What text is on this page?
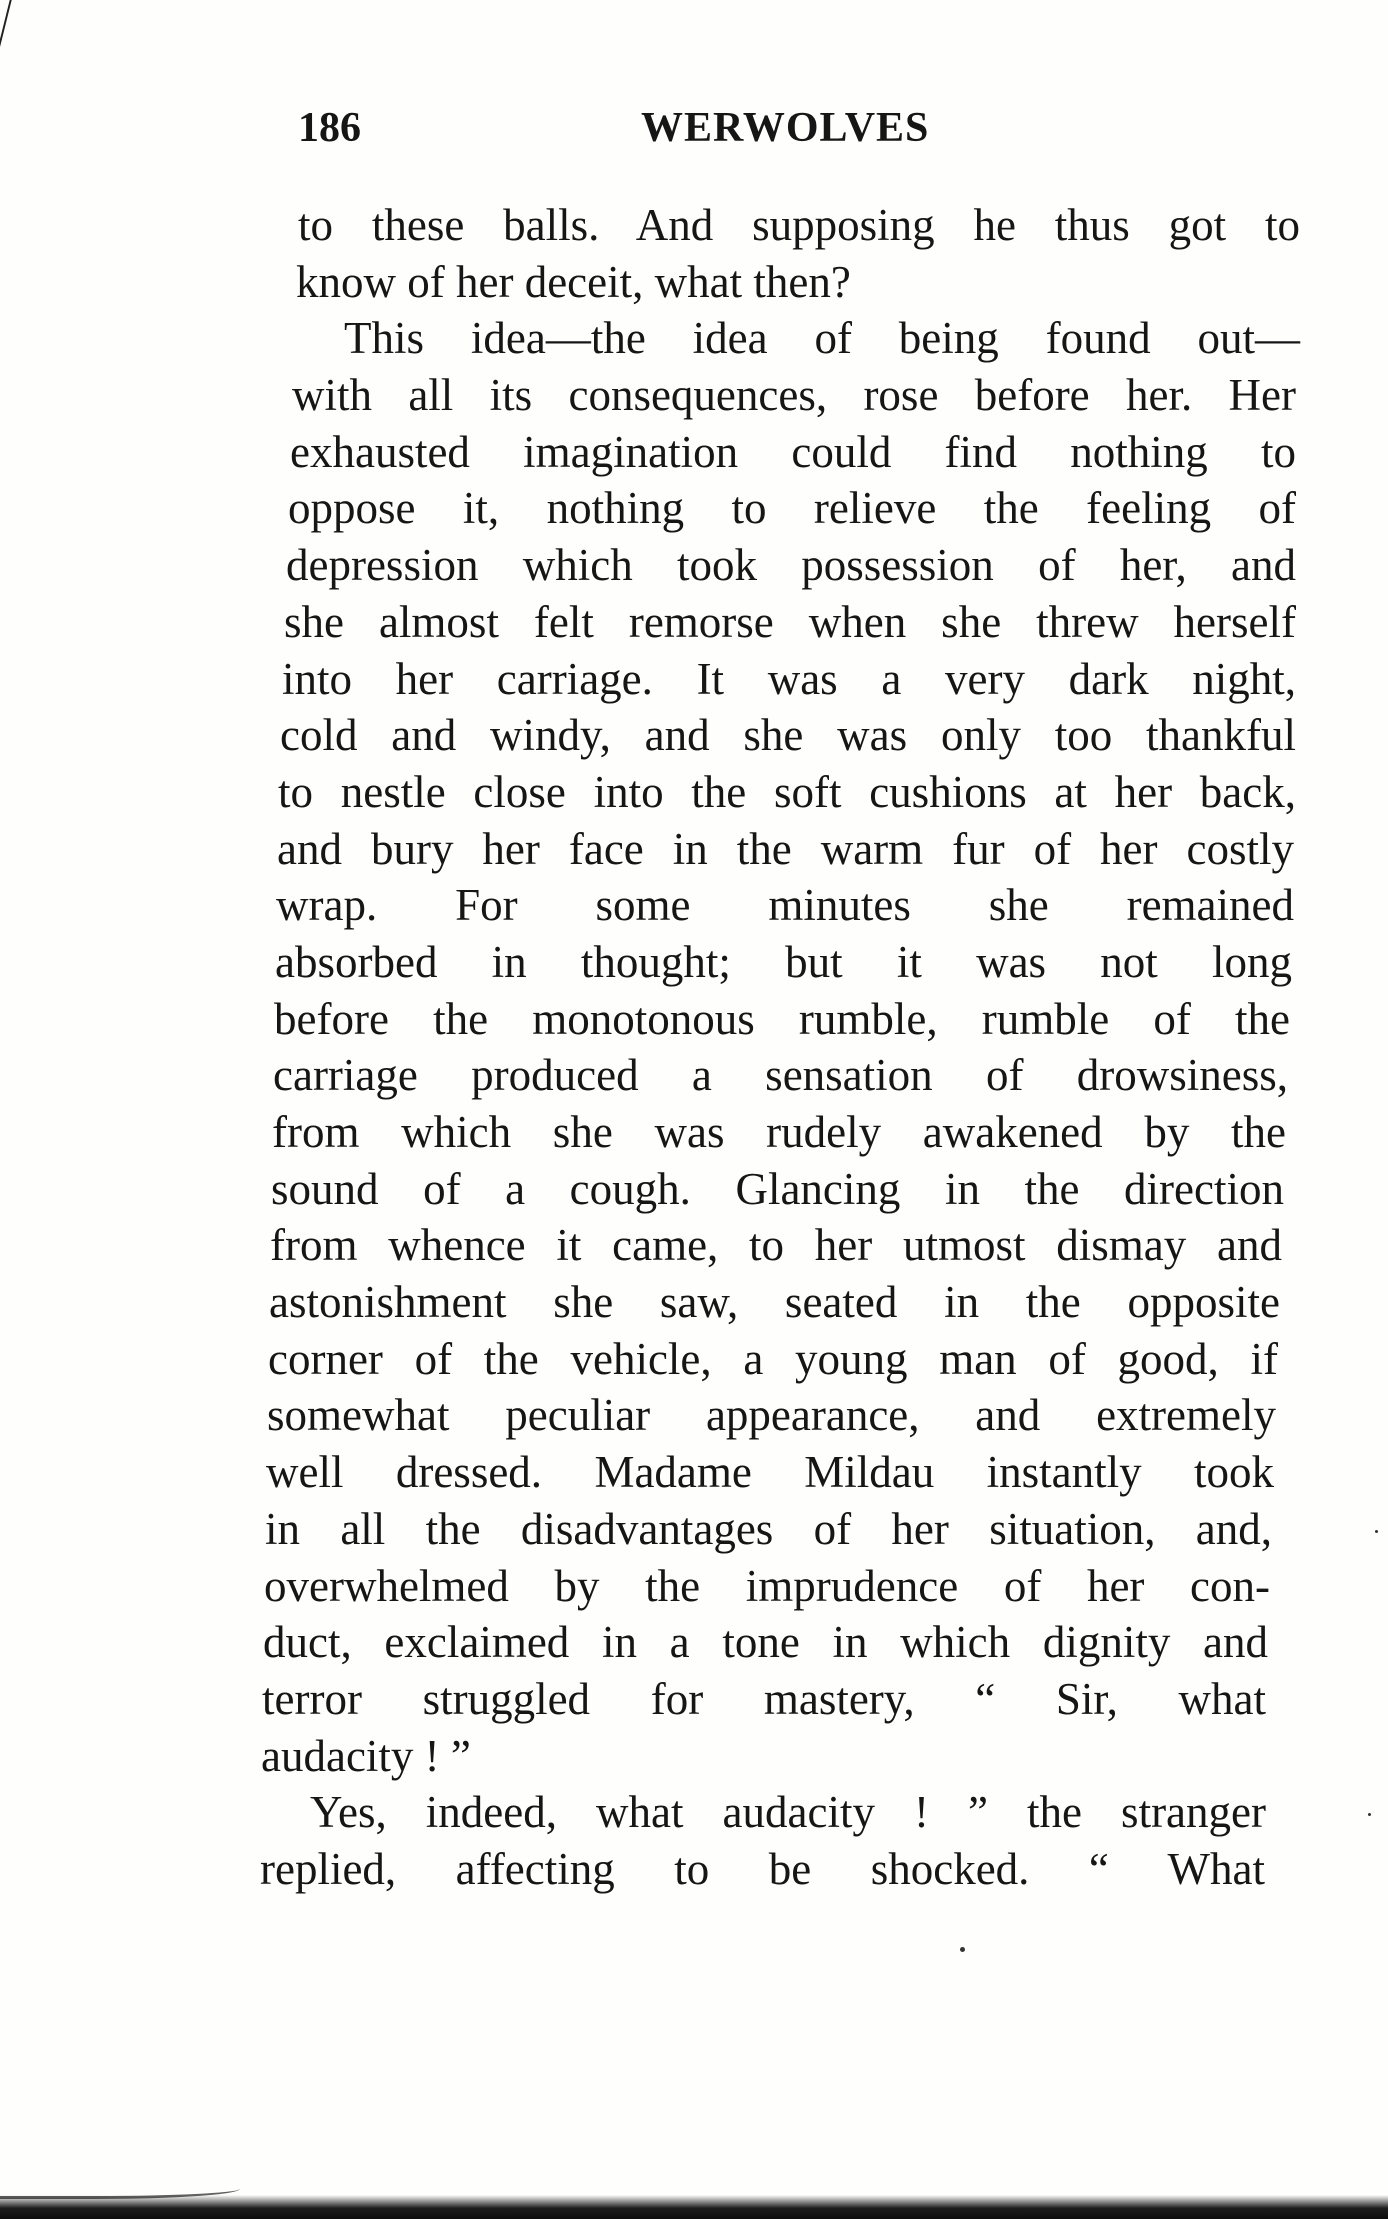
186	WERWOLVES
to these balls. And supposing he thus got to
know of her deceit, what then?
This idea—the idea of being found out—
with all its consequences, rose before her. Her
exhausted imagination could find nothing to
oppose it, nothing to relieve the feeling of
depression which took possession of her, and
she almost felt remorse when she threw herself
into her carriage. It was a very dark night,
cold and windy, and she was only too thankful
to nestle close into the soft cushions at her back,
and bury her face in the warm fur of her costly
wrap. For some minutes she remained
absorbed in thought; but it was not long
before the monotonous rumble, rumble of the
carriage produced a sensation of drowsiness,
from which she was rudely awakened by the
sound of a cough. Glancing in the direction
from whence it came, to her utmost dismay and
astonishment she saw, seated in the opposite
corner of the vehicle, a young man of good, if
somewhat peculiar appearance, and extremely
well dressed. Madame Mildau instantly took
in all the disadvantages of her situation, and,
overwhelmed by the imprudence of her con-
duct, exclaimed in a tone in which dignity and
terror struggled for mastery, “ Sir, what
audacity ! ”
Yes, indeed, what audacity ! ” the stranger
replied, affecting to be shocked. “ What
